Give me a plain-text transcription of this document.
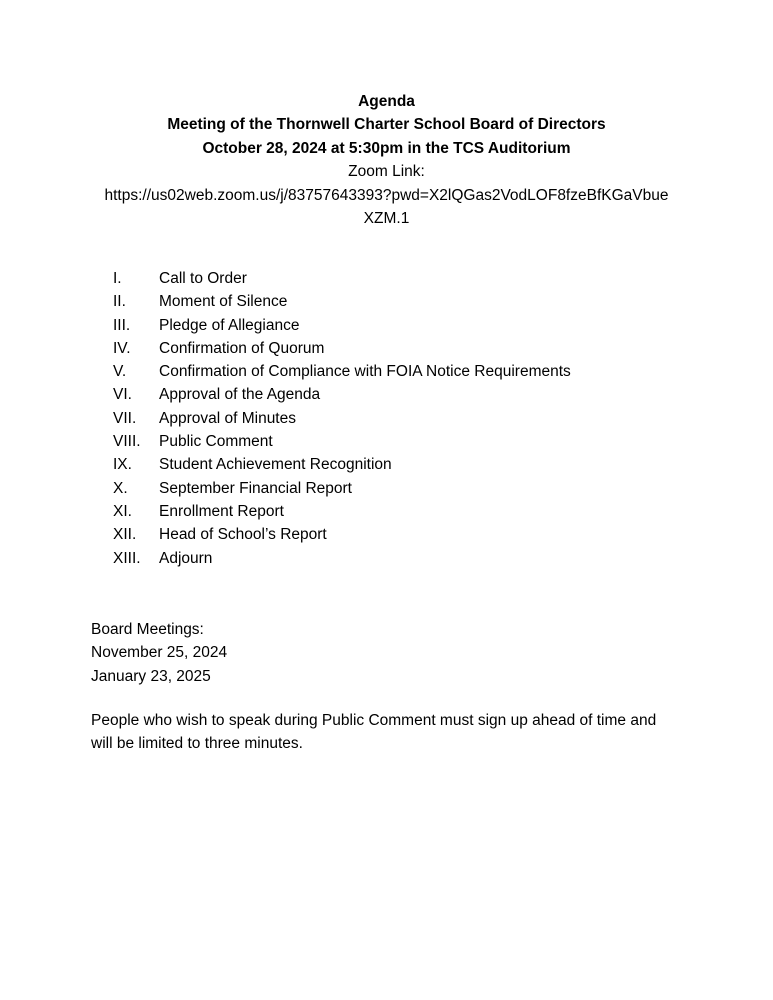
Agenda
Meeting of the Thornwell Charter School Board of Directors
October 28, 2024 at 5:30pm in the TCS Auditorium
Zoom Link:
https://us02web.zoom.us/j/83757643393?pwd=X2lQGas2VodLOF8fzeBfKGaVbue
XZM.1
I. Call to Order
II. Moment of Silence
III. Pledge of Allegiance
IV. Confirmation of Quorum
V. Confirmation of Compliance with FOIA Notice Requirements
VI. Approval of the Agenda
VII. Approval of Minutes
VIII. Public Comment
IX. Student Achievement Recognition
X. September Financial Report
XI. Enrollment Report
XII. Head of School’s Report
XIII. Adjourn
Board Meetings:
November 25, 2024
January 23, 2025
People who wish to speak during Public Comment must sign up ahead of time and
will be limited to three minutes.
